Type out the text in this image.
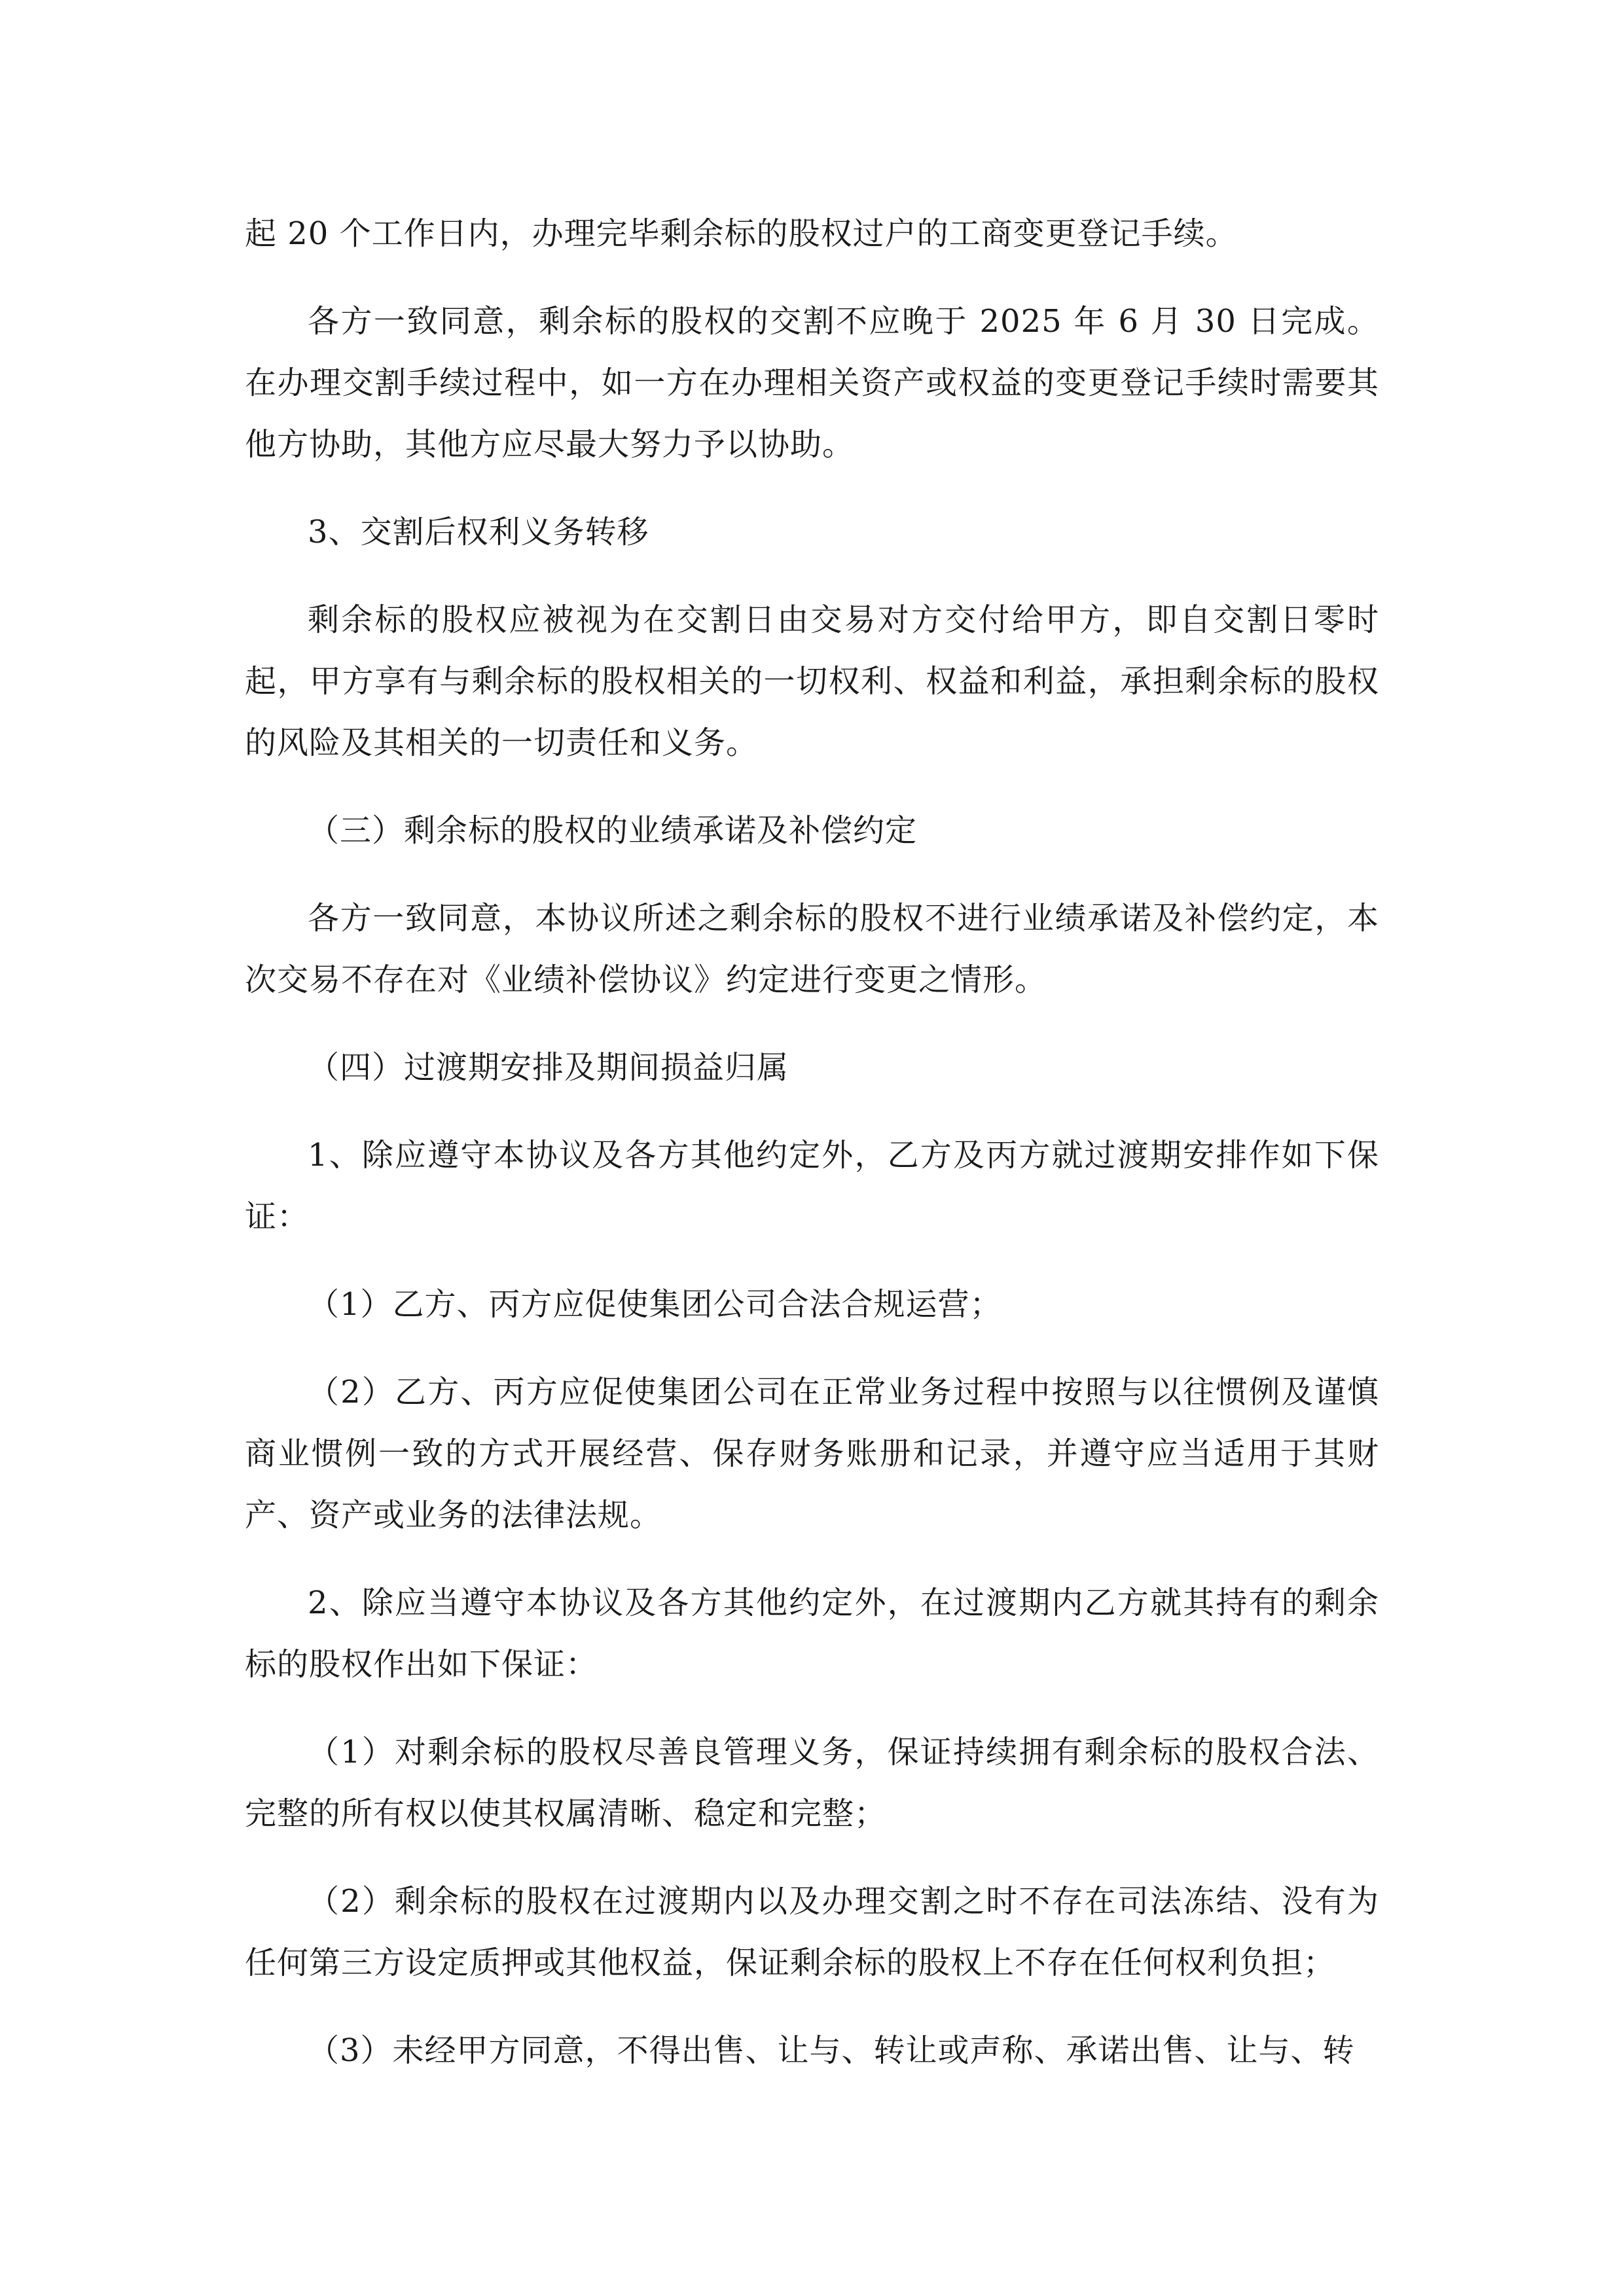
起 20 个工作日内，办理完毕剩余标的股权过户的工商变更登记手续。

各方一致同意，剩余标的股权的交割不应晚于 2025 年 6 月 30 日完成。在办理交割手续过程中，如一方在办理相关资产或权益的变更登记手续时需要其他方协助，其他方应尽最大努力予以协助。

3、交割后权利义务转移

剩余标的股权应被视为在交割日由交易对方交付给甲方，即自交割日零时起，甲方享有与剩余标的股权相关的一切权利、权益和利益，承担剩余标的股权的风险及其相关的一切责任和义务。

（三）剩余标的股权的业绩承诺及补偿约定

各方一致同意，本协议所述之剩余标的股权不进行业绩承诺及补偿约定，本次交易不存在对《业绩补偿协议》约定进行变更之情形。

（四）过渡期安排及期间损益归属

1、除应遵守本协议及各方其他约定外，乙方及丙方就过渡期安排作如下保证：

（1）乙方、丙方应促使集团公司合法合规运营；

（2）乙方、丙方应促使集团公司在正常业务过程中按照与以往惯例及谨慎商业惯例一致的方式开展经营、保存财务账册和记录，并遵守应当适用于其财产、资产或业务的法律法规。

2、除应当遵守本协议及各方其他约定外，在过渡期内乙方就其持有的剩余标的股权作出如下保证：

（1）对剩余标的股权尽善良管理义务，保证持续拥有剩余标的股权合法、完整的所有权以使其权属清晰、稳定和完整；

（2）剩余标的股权在过渡期内以及办理交割之时不存在司法冻结、没有为任何第三方设定质押或其他权益，保证剩余标的股权上不存在任何权利负担；

（3）未经甲方同意，不得出售、让与、转让或声称、承诺出售、让与、转
